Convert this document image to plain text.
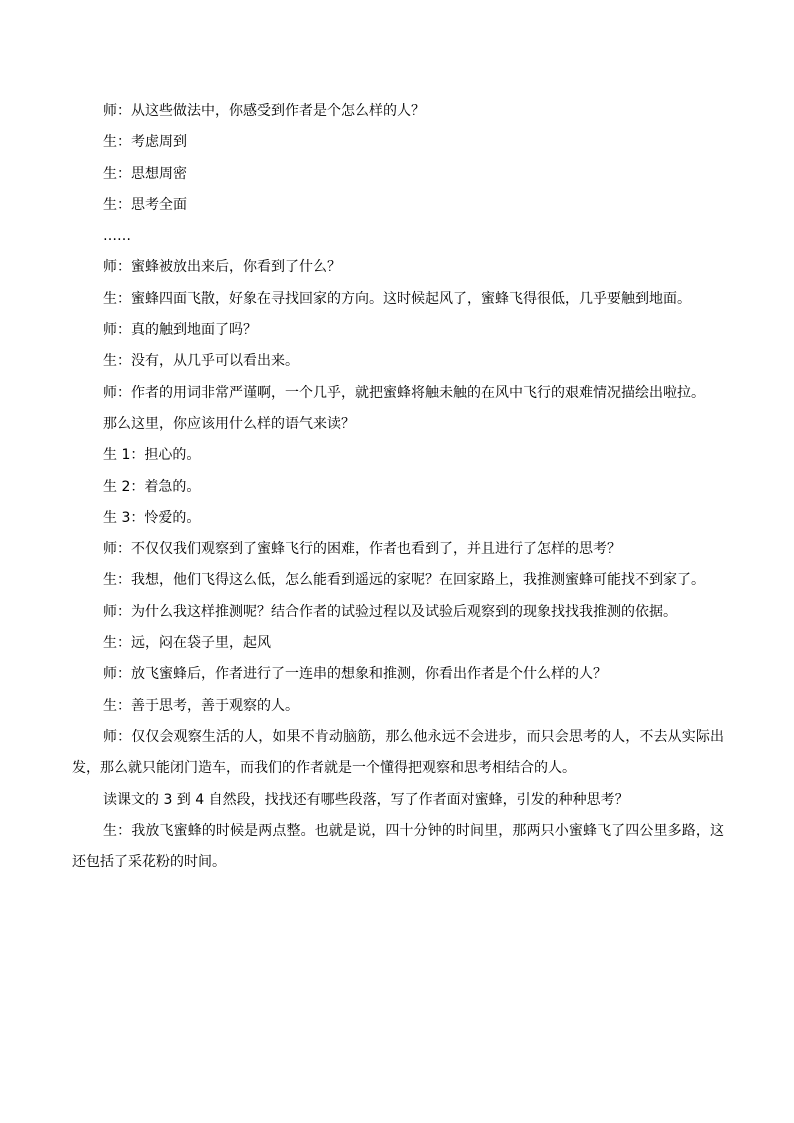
师：从这些做法中，你感受到作者是个怎么样的人？

生：考虑周到

生：思想周密

生：思考全面

……

师：蜜蜂被放出来后，你看到了什么？

生：蜜蜂四面飞散，好象在寻找回家的方向。这时候起风了，蜜蜂飞得很低，几乎要触到地面。

师：真的触到地面了吗？

生：没有，从几乎可以看出来。

师：作者的用词非常严谨啊，一个几乎，就把蜜蜂将触未触的在风中飞行的艰难情况描绘出啦拉。

那么这里，你应该用什么样的语气来读？

生 1：担心的。

生 2：着急的。

生 3：怜爱的。

师：不仅仅我们观察到了蜜蜂飞行的困难，作者也看到了，并且进行了怎样的思考？

生：我想，他们飞得这么低，怎么能看到遥远的家呢？在回家路上，我推测蜜蜂可能找不到家了。

师：为什么我这样推测呢？结合作者的试验过程以及试验后观察到的现象找找我推测的依据。

生：远，闷在袋子里，起风

师：放飞蜜蜂后，作者进行了一连串的想象和推测，你看出作者是个什么样的人？

生：善于思考，善于观察的人。

师：仅仅会观察生活的人，如果不肯动脑筋，那么他永远不会进步，而只会思考的人，不去从实际出发，那么就只能闭门造车，而我们的作者就是一个懂得把观察和思考相结合的人。

读课文的 3 到 4 自然段，找找还有哪些段落，写了作者面对蜜蜂，引发的种种思考？

生：我放飞蜜蜂的时候是两点整。也就是说，四十分钟的时间里，那两只小蜜蜂飞了四公里多路，这还包括了采花粉的时间。
